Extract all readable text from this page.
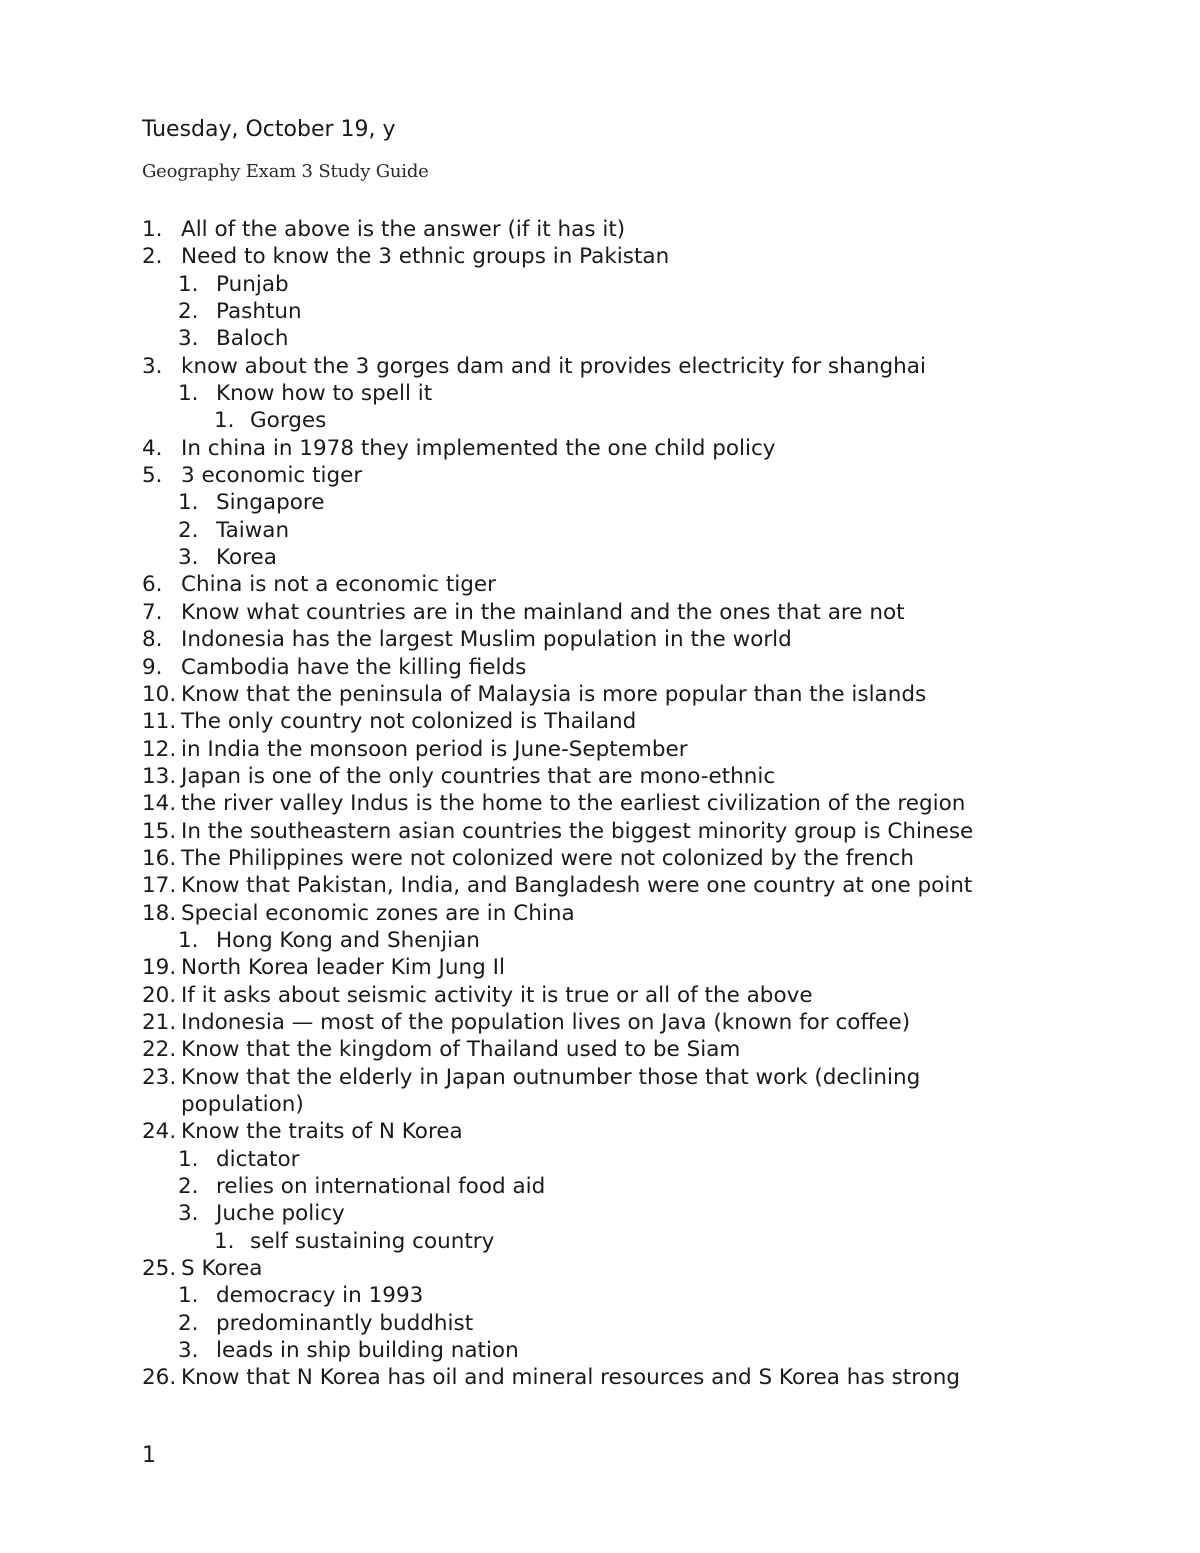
Tuesday, October 19, y
Geography Exam 3 Study Guide
1. All of the above is the answer (if it has it)
2. Need to know the 3 ethnic groups in Pakistan
1. Punjab
2. Pashtun
3. Baloch
3. know about the 3 gorges dam and it provides electricity for shanghai
1. Know how to spell it
1. Gorges
4. In china in 1978 they implemented the one child policy
5. 3 economic tiger
1. Singapore
2. Taiwan
3. Korea
6. China is not a economic tiger
7. Know what countries are in the mainland and the ones that are not
8. Indonesia has the largest Muslim population in the world
9. Cambodia have the killing fields
10. Know that the peninsula of Malaysia is more popular than the islands
11. The only country not colonized is Thailand
12. in India the monsoon period is June-September
13. Japan is one of the only countries that are mono-ethnic
14. the river valley Indus is the home to the earliest civilization of the region
15. In the southeastern asian countries the biggest minority group is Chinese
16. The Philippines were not colonized were not colonized by the french
17. Know that Pakistan, India, and Bangladesh were one country at one point
18. Special economic zones are in China
1. Hong Kong and Shenjian
19. North Korea leader Kim Jung Il
20. If it asks about seismic activity it is true or all of the above
21. Indonesia — most of the population lives on Java (known for coffee)
22. Know that the kingdom of Thailand used to be Siam
23. Know that the elderly in Japan outnumber those that work (declining
population)
24. Know the traits of N Korea
1. dictator
2. relies on international food aid
3. Juche policy
1. self sustaining country
25. S Korea
1. democracy in 1993
2. predominantly buddhist
3. leads in ship building nation
26. Know that N Korea has oil and mineral resources and S Korea has strong
1
